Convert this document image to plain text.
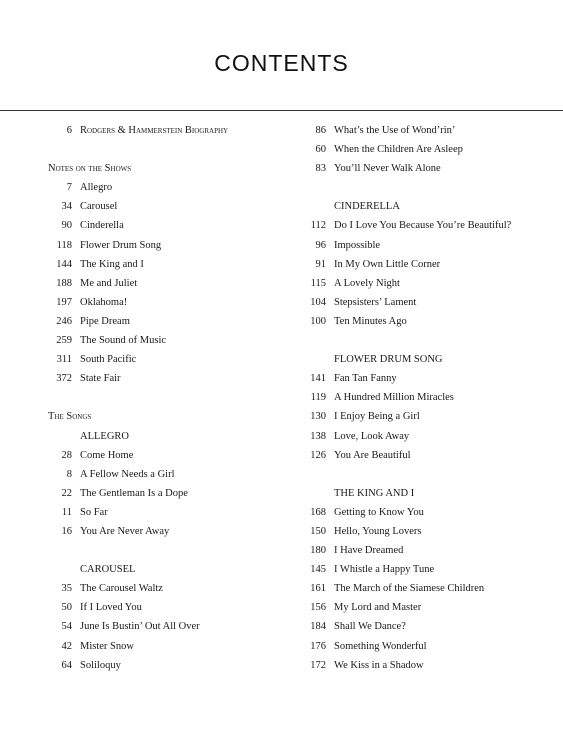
CONTENTS
6 Rodgers & Hammerstein Biography
Notes on the Shows
7 Allegro
34 Carousel
90 Cinderella
118 Flower Drum Song
144 The King and I
188 Me and Juliet
197 Oklahoma!
246 Pipe Dream
259 The Sound of Music
311 South Pacific
372 State Fair
The Songs
ALLEGRO
28 Come Home
8 A Fellow Needs a Girl
22 The Gentleman Is a Dope
11 So Far
16 You Are Never Away
CAROUSEL
35 The Carousel Waltz
50 If I Loved You
54 June Is Bustin’ Out All Over
42 Mister Snow
64 Soliloquy
86 What’s the Use of Wond’rin’
60 When the Children Are Asleep
83 You’ll Never Walk Alone
CINDERELLA
112 Do I Love You Because You’re Beautiful?
96 Impossible
91 In My Own Little Corner
115 A Lovely Night
104 Stepsisters’ Lament
100 Ten Minutes Ago
FLOWER DRUM SONG
141 Fan Tan Fanny
119 A Hundred Million Miracles
130 I Enjoy Being a Girl
138 Love, Look Away
126 You Are Beautiful
THE KING AND I
168 Getting to Know You
150 Hello, Young Lovers
180 I Have Dreamed
145 I Whistle a Happy Tune
161 The March of the Siamese Children
156 My Lord and Master
184 Shall We Dance?
176 Something Wonderful
172 We Kiss in a Shadow
